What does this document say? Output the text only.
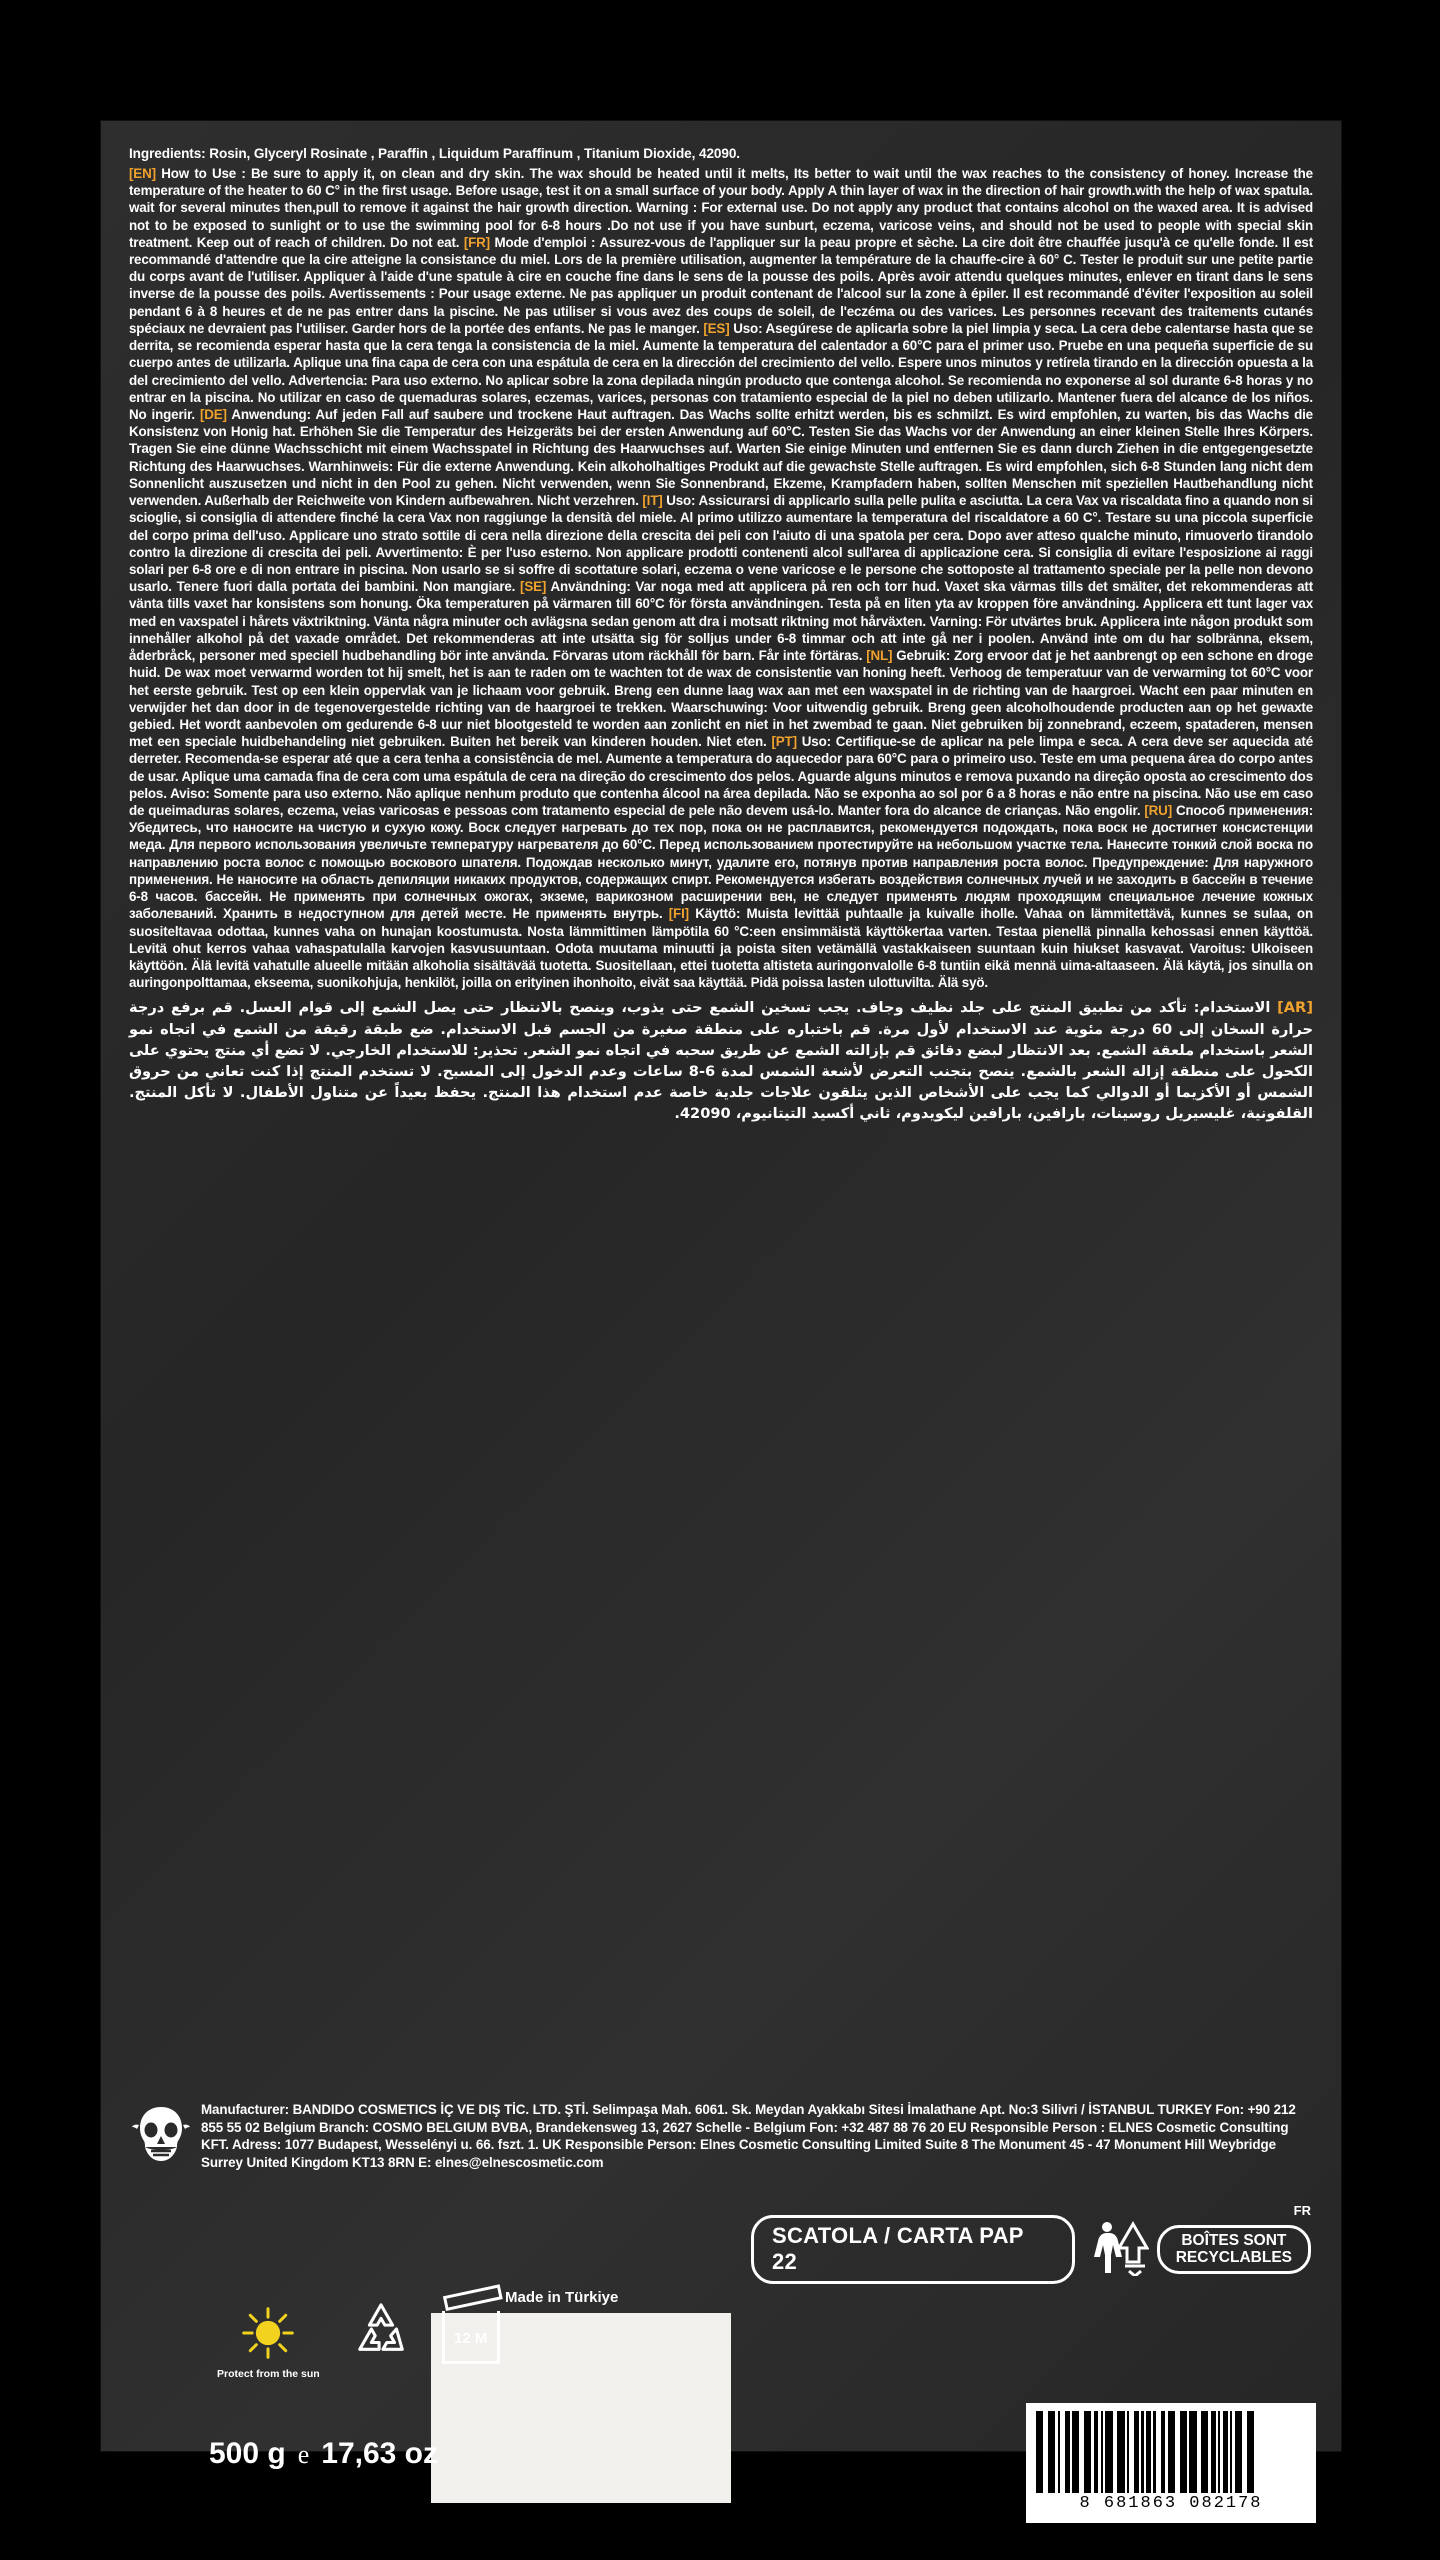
Ingredients: Rosin, Glyceryl Rosinate , Paraffin , Liquidum Paraffinum , Titanium Dioxide, 42090.
[EN] How to Use : Be sure to apply it, on clean and dry skin. The wax should be heated until it melts, Its better to wait until the wax reaches to the consistency of honey. Increase the temperature of the heater to 60 C° in the first usage. Before usage, test it on a small surface of your body. Apply A thin layer of wax in the direction of hair growth.with the help of wax spatula. wait for several minutes then,pull to remove it against the hair growth direction. Warning : For external use. Do not apply any product that contains alcohol on the waxed area. It is advised not to be exposed to sunlight or to use the swimming pool for 6-8 hours .Do not use if you have sunburt, eczema, varicose veins, and should not be used to people with special skin treatment. Keep out of reach of children. Do not eat. [FR] Mode d'emploi : Assurez-vous de l'appliquer sur la peau propre et sèche. La cire doit être chauffée jusqu'à ce qu'elle fonde. Il est recommandé d'attendre que la cire atteigne la consistance du miel. Lors de la première utilisation, augmenter la température de la chauffe-cire à 60° C. Tester le produit sur une petite partie du corps avant de l'utiliser. Appliquer à l'aide d'une spatule à cire en couche fine dans le sens de la pousse des poils. Après avoir attendu quelques minutes, enlever en tirant dans le sens inverse de la pousse des poils. Avertissements : Pour usage externe. Ne pas appliquer un produit contenant de l'alcool sur la zone à épiler. Il est recommandé d'éviter l'exposition au soleil pendant 6 à 8 heures et de ne pas entrer dans la piscine. Ne pas utiliser si vous avez des coups de soleil, de l'eczéma ou des varices. Les personnes recevant des traitements cutanés spéciaux ne devraient pas l'utiliser. Garder hors de la portée des enfants. Ne pas le manger. [ES] Uso: Asegúrese de aplicarla sobre la piel limpia y seca. La cera debe calentarse hasta que se derrita, se recomienda esperar hasta que la cera tenga la consistencia de la miel. Aumente la temperatura del calentador a 60°C para el primer uso. Pruebe en una pequeña superficie de su cuerpo antes de utilizarla. Aplique una fina capa de cera con una espátula de cera en la dirección del crecimiento del vello. Espere unos minutos y retírela tirando en la dirección opuesta a la del crecimiento del vello. Advertencia: Para uso externo. No aplicar sobre la zona depilada ningún producto que contenga alcohol. Se recomienda no exponerse al sol durante 6-8 horas y no entrar en la piscina. No utilizar en caso de quemaduras solares, eczemas, varices, personas con tratamiento especial de la piel no deben utilizarlo. Mantener fuera del alcance de los niños. No ingerir. [DE] Anwendung: Auf jeden Fall auf saubere und trockene Haut auftragen. Das Wachs sollte erhitzt werden, bis es schmilzt. Es wird empfohlen, zu warten, bis das Wachs die Konsistenz von Honig hat. Erhöhen Sie die Temperatur des Heizgeräts bei der ersten Anwendung auf 60°C. Testen Sie das Wachs vor der Anwendung an einer kleinen Stelle Ihres Körpers. Tragen Sie eine dünne Wachsschicht mit einem Wachsspatel in Richtung des Haarwuchses auf. Warten Sie einige Minuten und entfernen Sie es dann durch Ziehen in die entgegengesetzte Richtung des Haarwuchses. Warnhinweis: Für die externe Anwendung. Kein alkoholhaltiges Produkt auf die gewachste Stelle auftragen. Es wird empfohlen, sich 6-8 Stunden lang nicht dem Sonnenlicht auszusetzen und nicht in den Pool zu gehen. Nicht verwenden, wenn Sie Sonnenbrand, Ekzeme, Krampfadern haben, sollten Menschen mit speziellen Hautbehandlung nicht verwenden. Außerhalb der Reichweite von Kindern aufbewahren. Nicht verzehren. [IT] Uso: Assicurarsi di applicarlo sulla pelle pulita e asciutta. La cera Vax va riscaldata fino a quando non si scioglie, si consiglia di attendere finché la cera Vax non raggiunge la densità del miele. Al primo utilizzo aumentare la temperatura del riscaldatore a 60 C°. Testare su una piccola superficie del corpo prima dell'uso. Applicare uno strato sottile di cera nella direzione della crescita dei peli con l'aiuto di una spatola per cera. Dopo aver atteso qualche minuto, rimuoverlo tirandolo contro la direzione di crescita dei peli. Avvertimento: È per l'uso esterno. Non applicare prodotti contenenti alcol sull'area di applicazione cera. Si consiglia di evitare l'esposizione ai raggi solari per 6-8 ore e di non entrare in piscina. Non usarlo se si soffre di scottature solari, eczema o vene varicose e le persone che sottoposte al trattamento speciale per la pelle non devono usarlo. Tenere fuori dalla portata dei bambini. Non mangiare. [SE] Användning: Var noga med att applicera på ren och torr hud. Vaxet ska värmas tills det smälter, det rekommenderas att vänta tills vaxet har konsistens som honung. Öka temperaturen på värmaren till 60°C för första användningen. Testa på en liten yta av kroppen före användning. Applicera ett tunt lager vax med en vaxspatel i hårets växtriktning. Vänta några minuter och avlägsna sedan genom att dra i motsatt riktning mot hårväxten. Varning: För utvärtes bruk. Applicera inte någon produkt som innehåller alkohol på det vaxade området. Det rekommenderas att inte utsätta sig för solljus under 6-8 timmar och att inte gå ner i poolen. Använd inte om du har solbränna, eksem, åderbråck, personer med speciell hudbehandling bör inte använda. Förvaras utom räckhåll för barn. Får inte förtäras. [NL] Gebruik: Zorg ervoor dat je het aanbrengt op een schone en droge huid. De wax moet verwarmd worden tot hij smelt, het is aan te raden om te wachten tot de wax de consistentie van honing heeft. Verhoog de temperatuur van de verwarming tot 60°C voor het eerste gebruik. Test op een klein oppervlak van je lichaam voor gebruik. Breng een dunne laag wax aan met een waxspatel in de richting van de haargroei. Wacht een paar minuten en verwijder het dan door in de tegenovergestelde richting van de haargroei te trekken. Waarschuwing: Voor uitwendig gebruik. Breng geen alcoholhoudende producten aan op het gewaxte gebied. Het wordt aanbevolen om gedurende 6-8 uur niet blootgesteld te worden aan zonlicht en niet in het zwembad te gaan. Niet gebruiken bij zonnebrand, eczeem, spataderen, mensen met een speciale huidbehandeling niet gebruiken. Buiten het bereik van kinderen houden. Niet eten. [PT] Uso: Certifique-se de aplicar na pele limpa e seca. A cera deve ser aquecida até derreter. Recomenda-se esperar até que a cera tenha a consistência de mel. Aumente a temperatura do aquecedor para 60°C para o primeiro uso. Teste em uma pequena área do corpo antes de usar. Aplique uma camada fina de cera com uma espátula de cera na direção do crescimento dos pelos. Aguarde alguns minutos e remova puxando na direção oposta ao crescimento dos pelos. Aviso: Somente para uso externo. Não aplique nenhum produto que contenha álcool na área depilada. Não se exponha ao sol por 6 a 8 horas e não entre na piscina. Não use em caso de queimaduras solares, eczema, veias varicosas e pessoas com tratamento especial de pele não devem usá-lo. Manter fora do alcance de crianças. Não engolir. [RU] Способ применения: Убедитесь, что наносите на чистую и сухую кожу. Воск следует нагревать до тех пор, пока он не расплавится, рекомендуется подождать, пока воск не достигнет консистенции меда. Для первого использования увеличьте температуру нагревателя до 60°С. Перед использованием протестируйте на небольшом участке тела. Нанесите тонкий слой воска по направлению роста волос с помощью воскового шпателя. Подождав несколько минут, удалите его, потянув против направления роста волос. Предупреждение: Для наружного применения. Не наносите на область депиляции никаких продуктов, содержащих спирт. Рекомендуется избегать воздействия солнечных лучей и не заходить в бассейн в течение 6-8 часов. бассейн. Не применять при солнечных ожогах, экземе, варикозном расширении вен, не следует применять людям проходящим специальное лечение кожных заболеваний. Хранить в недоступном для детей месте. Не применять внутрь. [FI] Käyttö: Muista levittää puhtaalle ja kuivalle iholle. Vahaa on lämmitettävä, kunnes se sulaa, on suositeltavaa odottaa, kunnes vaha on hunajan koostumusta. Nosta lämmittimen lämpötila 60 °C:een ensimmäistä käyttökertaa varten. Testaa pienellä pinnalla kehossasi ennen käyttöä. Levitä ohut kerros vahaa vahaspatulalla karvojen kasvusuuntaan. Odota muutama minuutti ja poista siten vetämällä vastakkaiseen suuntaan kuin hiukset kasvavat. Varoitus: Ulkoiseen käyttöön. Älä levitä vahatulle alueelle mitään alkoholia sisältävää tuotetta. Suositellaan, ettei tuotetta altisteta auringonvalolle 6-8 tuntiin eikä mennä uima-altaaseen. Älä käytä, jos sinulla on auringonpolttamaa, ekseema, suonikohjuja, henkilöt, joilla on erityinen ihonhoito, eivät saa käyttää. Pidä poissa lasten ulottuvilta. Älä syö.
[AR] الاستخدام: تأكد من تطبيق المنتج على جلد نظيف وجاف. يجب تسخين الشمع حتى يذوب، وينصح بالانتظار حتى يصل الشمع إلى قوام العسل. قم برفع درجة حرارة السخان إلى 60 درجة مئوية عند الاستخدام لأول مرة. قم باختباره على منطقة صغيرة من الجسم قبل الاستخدام. ضع طبقة رقيقة من الشمع في اتجاه نمو الشعر باستخدام ملعقة الشمع. بعد الانتظار لبضع دقائق قم بإزالته الشمع عن طريق سحبه في اتجاه نمو الشعر. تحذير: للاستخدام الخارجي. لا تضع أي منتج يحتوي على الكحول على منطقة إزالة الشعر بالشمع. ينصح بتجنب التعرض لأشعة الشمس لمدة 6-8 ساعات وعدم الدخول إلى المسبح. لا تستخدم المنتج إذا كنت تعاني من حروق الشمس أو الأكزيما أو الدوالي كما يجب على الأشخاص الذين يتلقون علاجات جلدية خاصة عدم استخدام هذا المنتج. يحفظ بعيداً عن متناول الأطفال. لا تأكل المنتج. القلفونية، غليسيريل روسينات، بارافين، بارافين ليكويدوم، ثاني أكسيد التيتانيوم، 42090.
Manufacturer: BANDIDO COSMETICS İÇ VE DIŞ TİC. LTD. ŞTİ. Selimpaşa Mah. 6061. Sk. Meydan Ayakkabı Sitesi İmalathane Apt. No:3 Silivri / İSTANBUL TURKEY Fon: +90 212 855 55 02 Belgium Branch: COSMO BELGIUM BVBA, Brandekensweg 13, 2627 Schelle - Belgium Fon: +32 487 88 76 20 EU Responsible Person : ELNES Cosmetic Consulting KFT. Adress: 1077 Budapest, Wesselényi u. 66. fszt. 1. UK Responsible Person: Elnes Cosmetic Consulting Limited Suite 8 The Monument 45 - 47 Monument Hill Weybridge Surrey United Kingdom KT13 8RN E: elnes@elnescosmetic.com
SCATOLA / CARTA PAP 22
FR
BOÎTES SONT
RECYCLABLES
Made in Türkiye
Protect from the sun
12 M
500 g e 17,63 oz
8 681863 082178
